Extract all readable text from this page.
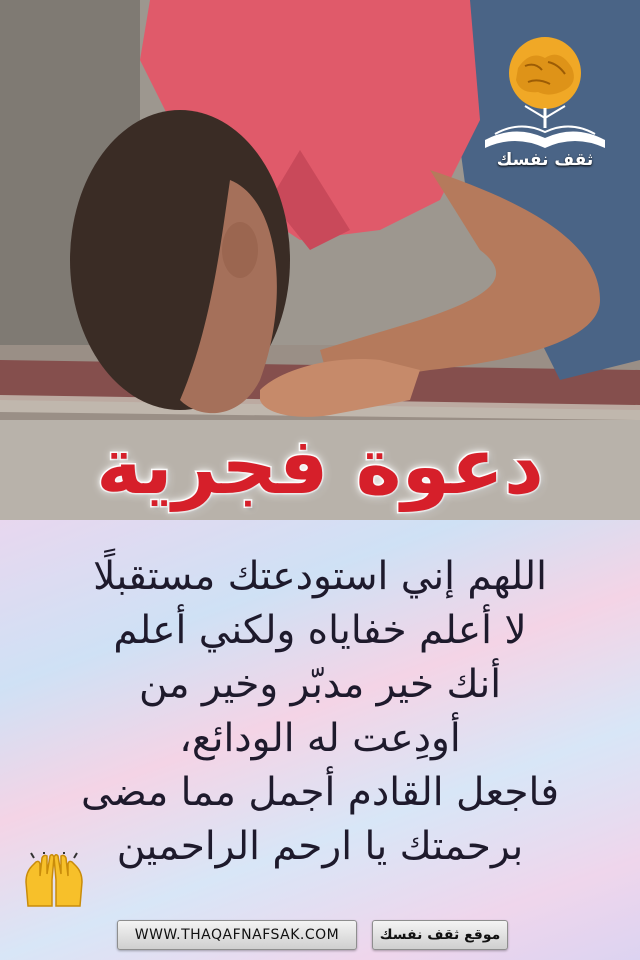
ثقف نفسك
دعوة فجرية
اللهم إني استودعتك مستقبلًا
لا أعلم خفاياه ولكني أعلم
أنك خير مدبّر وخير من
أودِعت له الودائع،
فاجعل القادم أجمل مما مضى
برحمتك يا ارحم الراحمين
WWW.THAQAFNAFSAK.COM	موقع ثقف نفسك
